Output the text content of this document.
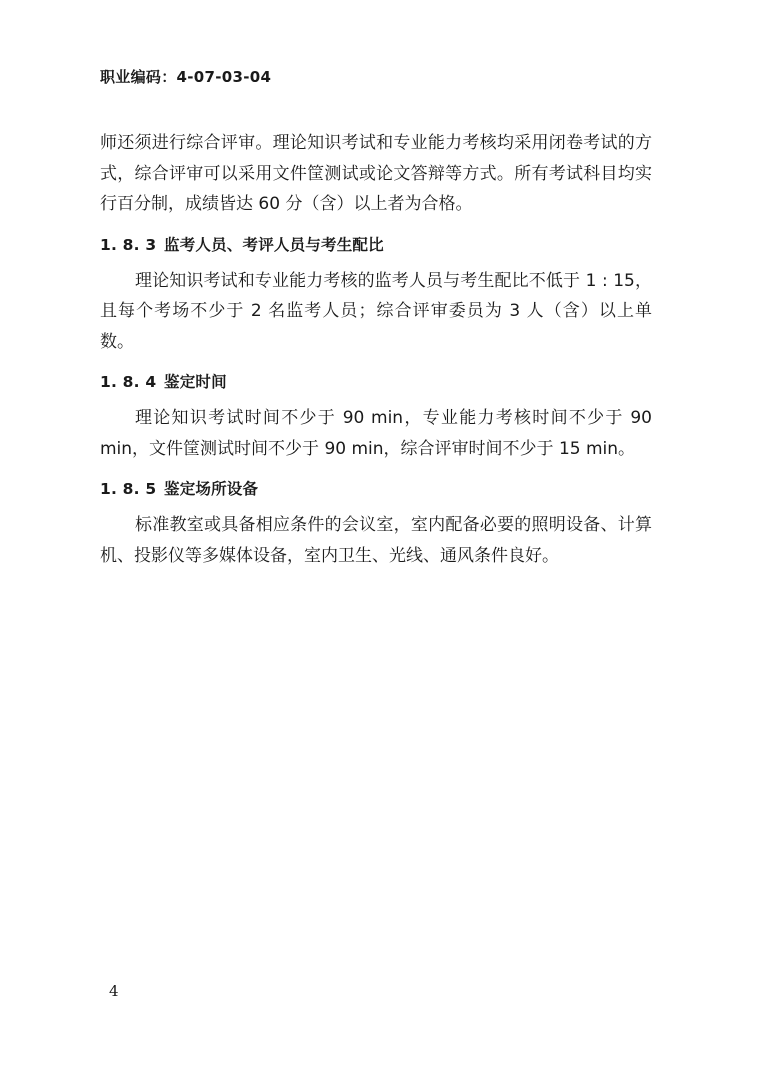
职业编码：4-07-03-04

师还须进行综合评审。理论知识考试和专业能力考核均采用闭卷考试的方式，综合评审可以采用文件筐测试或论文答辩等方式。所有考试科目均实行百分制，成绩皆达 60 分（含）以上者为合格。

1. 8. 3 监考人员、考评人员与考生配比

理论知识考试和专业能力考核的监考人员与考生配比不低于 1 : 15，且每个考场不少于 2 名监考人员；综合评审委员为 3 人（含）以上单数。

1. 8. 4 鉴定时间

理论知识考试时间不少于 90 min，专业能力考核时间不少于 90 min，文件筐测试时间不少于 90 min，综合评审时间不少于 15 min。

1. 8. 5 鉴定场所设备

标准教室或具备相应条件的会议室，室内配备必要的照明设备、计算机、投影仪等多媒体设备，室内卫生、光线、通风条件良好。

4
